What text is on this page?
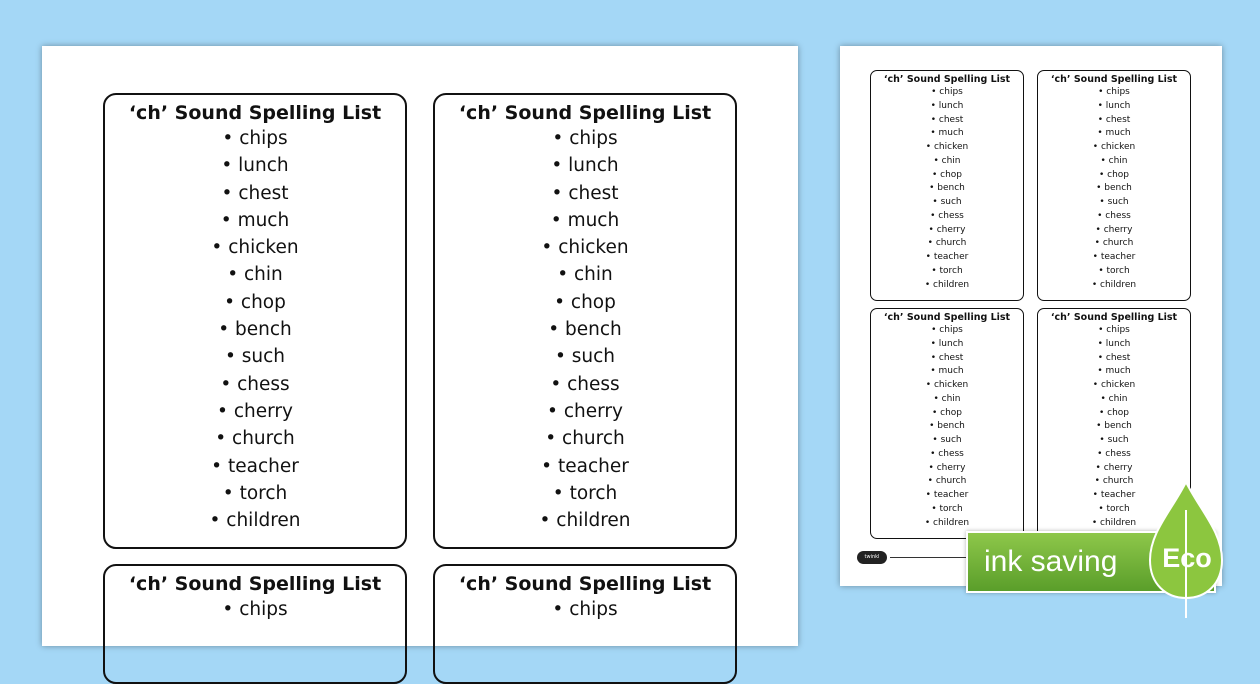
‘ch’ Sound Spelling List
• chips
• lunch
• chest
• much
• chicken
• chin
• chop
• bench
• such
• chess
• cherry
• church
• teacher
• torch
• children
‘ch’ Sound Spelling List
• chips
• lunch
• chest
• much
• chicken
• chin
• chop
• bench
• such
• chess
• cherry
• church
• teacher
• torch
• children
‘ch’ Sound Spelling List
• chips
‘ch’ Sound Spelling List
• chips
‘ch’ Sound Spelling List
• chips
• lunch
• chest
• much
• chicken
• chin
• chop
• bench
• such
• chess
• cherry
• church
• teacher
• torch
• children
‘ch’ Sound Spelling List
• chips
• lunch
• chest
• much
• chicken
• chin
• chop
• bench
• such
• chess
• cherry
• church
• teacher
• torch
• children
‘ch’ Sound Spelling List
• chips
• lunch
• chest
• much
• chicken
• chin
• chop
• bench
• such
• chess
• cherry
• church
• teacher
• torch
• children
‘ch’ Sound Spelling List
• chips
• lunch
• chest
• much
• chicken
• chin
• chop
• bench
• such
• chess
• cherry
• church
• teacher
• torch
• children
twinkl	ink saving Eco
